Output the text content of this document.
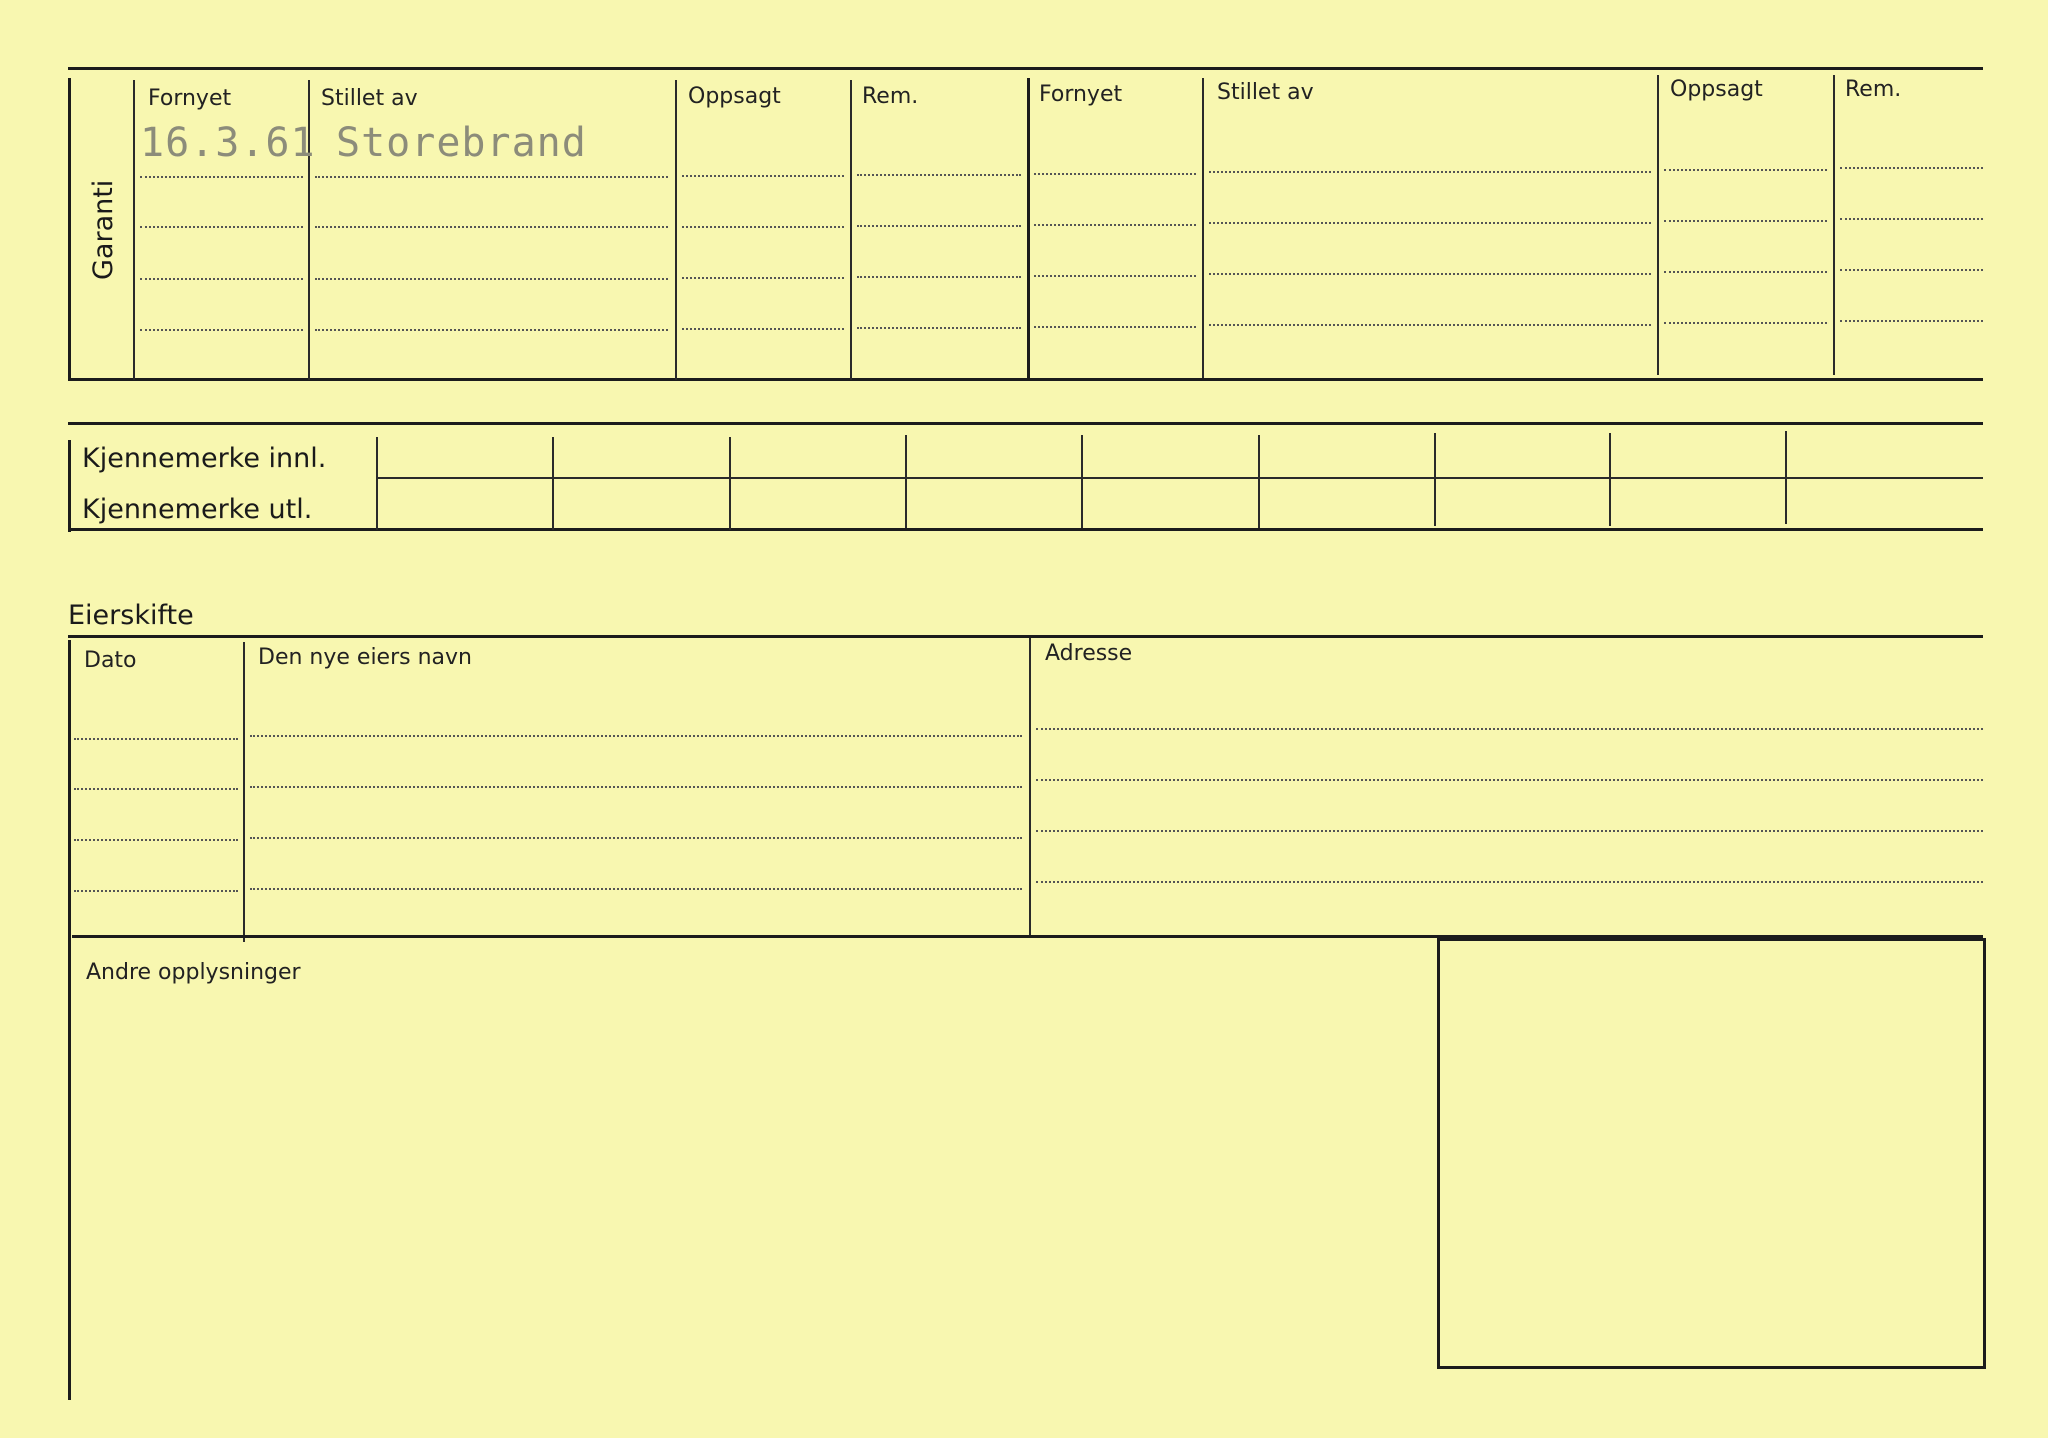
Garanti
Fornyet	Stillet av	Oppsagt	Rem.	Fornyet	Stillet av	Oppsagt	Rem.
16.3.61 Storebrand
Kjennemerke innl.
Kjennemerke utl.
Eierskifte
Dato	Den nye eiers navn	Adresse
Andre opplysninger
